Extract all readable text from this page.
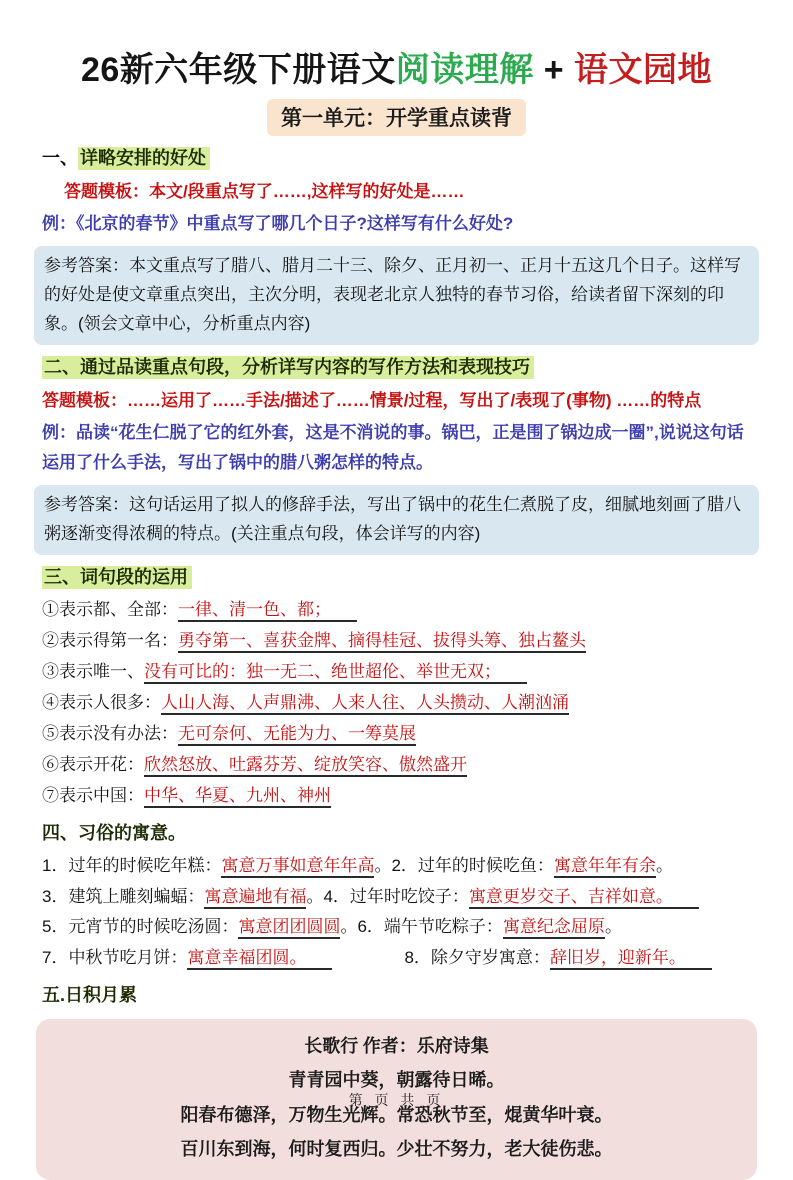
26新六年级下册语文阅读理解 + 语文园地
第一单元：开学重点读背
一、 详略安排的好处
答题模板：本文/段重点写了……,这样写的好处是……
例：《北京的春节》中重点写了哪几个日子?这样写有什么好处?
参考答案：本文重点写了腊八、腊月二十三、除夕、正月初一、正月十五这几个日子。这样写的好处是使文章重点突出，主次分明，表现老北京人独特的春节习俗，给读者留下深刻的印象。(领会文章中心，分析重点内容)
二、通过品读重点句段，分析详写内容的写作方法和表现技巧
答题模板：……运用了……手法/描述了……情景/过程，写出了/表现了(事物) ……的特点
例：品读“花生仁脱了它的红外套，这是不消说的事。锅巴，正是围了锅边成一圈”,说说这句话运用了什么手法，写出了锅中的腊八粥怎样的特点。
参考答案：这句话运用了拟人的修辞手法，写出了锅中的花生仁煮脱了皮，细腻地刻画了腊八粥逐渐变得浓稠的特点。(关注重点句段，体会详写的内容)
三、词句段的运用
①表示都、全部：一律、清一色、都；
②表示得第一名：勇夺第一、喜获金牌、摘得桂冠、拔得头筹、独占鳌头
③表示唯一、没有可比的：独一无二、绝世超伦、举世无双；
④表示人很多：人山人海、人声鼎沸、人来人往、人头攒动、人潮汹涌
⑤表示没有办法：无可奈何、无能为力、一筹莫展
⑥表示开花：欣然怒放、吐露芬芳、绽放笑容、傲然盛开
⑦表示中国：中华、华夏、九州、神州
四、习俗的寓意。
1．过年的时候吃年糕：寓意万事如意年年高。2．过年的时候吃鱼：寓意年年有余。
3．建筑上雕刻蝙蝠：寓意遍地有福。4．过年时吃饺子：寓意更岁交子、吉祥如意。
5．元宵节的时候吃汤圆：寓意团团圆圆。6．端午节吃粽子：寓意纪念屈原。
7．中秋节吃月饼：寓意幸福团圆。	8．除夕守岁寓意：辞旧岁，迎新年。
五.日积月累
长歌行 作者：乐府诗集
青青园中葵，朝露待日晞。
阳春布德泽，万物生光辉。常恐秋节至，焜黄华叶衰。
百川东到海，何时复西归。少壮不努力，老大徒伤悲。
第 页 共 页
